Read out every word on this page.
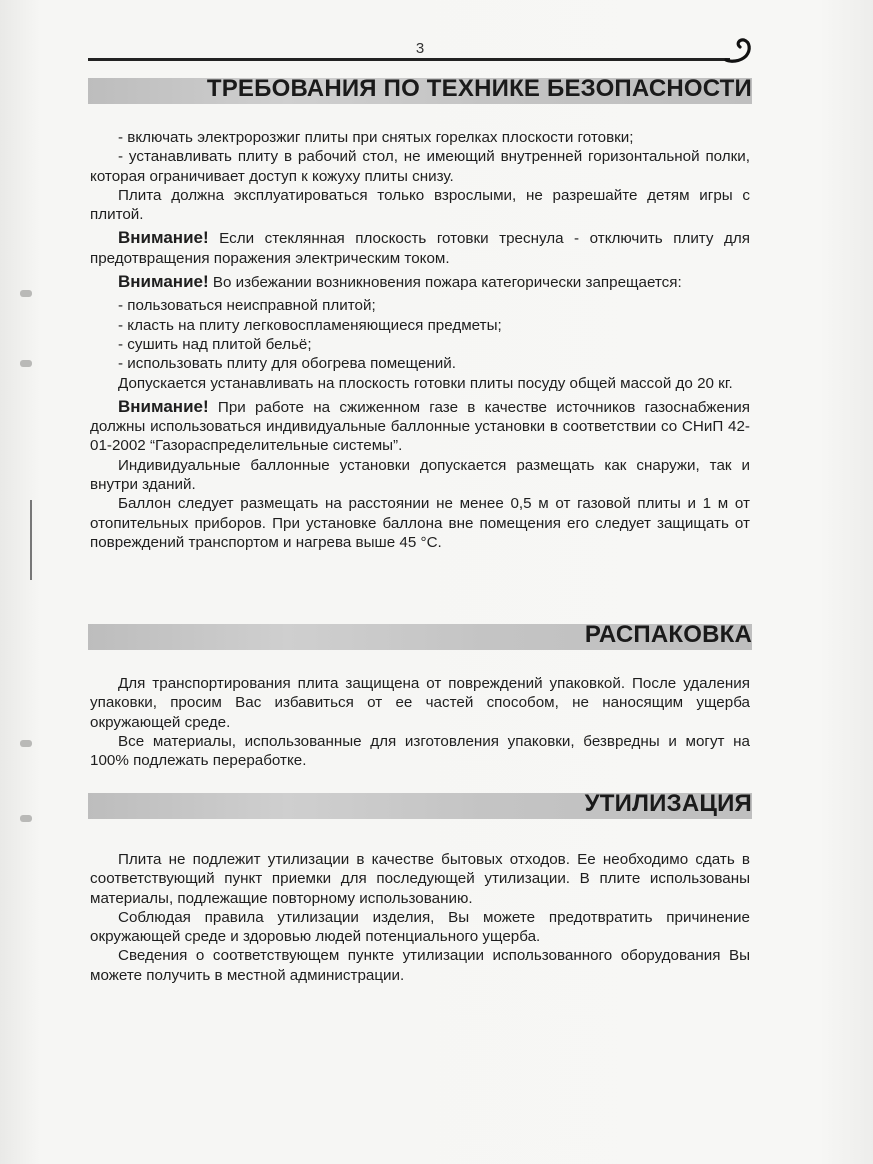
3
ТРЕБОВАНИЯ ПО ТЕХНИКЕ БЕЗОПАСНОСТИ

- включать электророзжиг плиты при снятых горелках плоскости готовки;

- устанавливать плиту в рабочий стол, не имеющий внутренней горизонтальной полки, которая ограничивает доступ к кожуху плиты снизу.

Плита должна эксплуатироваться только взрослыми, не разрешайте детям игры с плитой.

Внимание! Если стеклянная плоскость готовки треснула - отключить плиту для предотвращения поражения электрическим током.

Внимание! Во избежании возникновения пожара категорически запрещается:

- пользоваться неисправной плитой;

- класть на плиту легковоспламеняющиеся предметы;

- сушить над плитой бельё;

- использовать плиту для обогрева помещений.

Допускается устанавливать на плоскость готовки плиты посуду общей массой до 20 кг.

Внимание! При работе на сжиженном газе в качестве источников газоснабжения должны использоваться индивидуальные баллонные установки в соответствии со СНиП 42-01-2002 “Газораспределительные системы”.

Индивидуальные баллонные установки допускается размещать как снаружи, так и внутри зданий.

Баллон следует размещать на расстоянии не менее 0,5 м от газовой плиты и 1 м от отопительных приборов. При установке баллона вне помещения его следует защищать от повреждений транспортом и нагрева выше 45 °С.

РАСПАКОВКА

Для транспортирования плита защищена от повреждений упаковкой. После удаления упаковки, просим Вас избавиться от ее частей способом, не наносящим ущерба окружающей среде.

Все материалы, использованные для изготовления упаковки, безвредны и могут на 100% подлежать переработке.

УТИЛИЗАЦИЯ

Плита не подлежит утилизации в качестве бытовых отходов. Ее необходимо сдать в соответствующий пункт приемки для последующей утилизации. В плите использованы материалы, подлежащие повторному использованию.

Соблюдая правила утилизации изделия, Вы можете предотвратить причинение окружающей среде и здоровью людей потенциального ущерба.

Сведения о соответствующем пункте утилизации использованного оборудования Вы можете получить в местной администрации.
